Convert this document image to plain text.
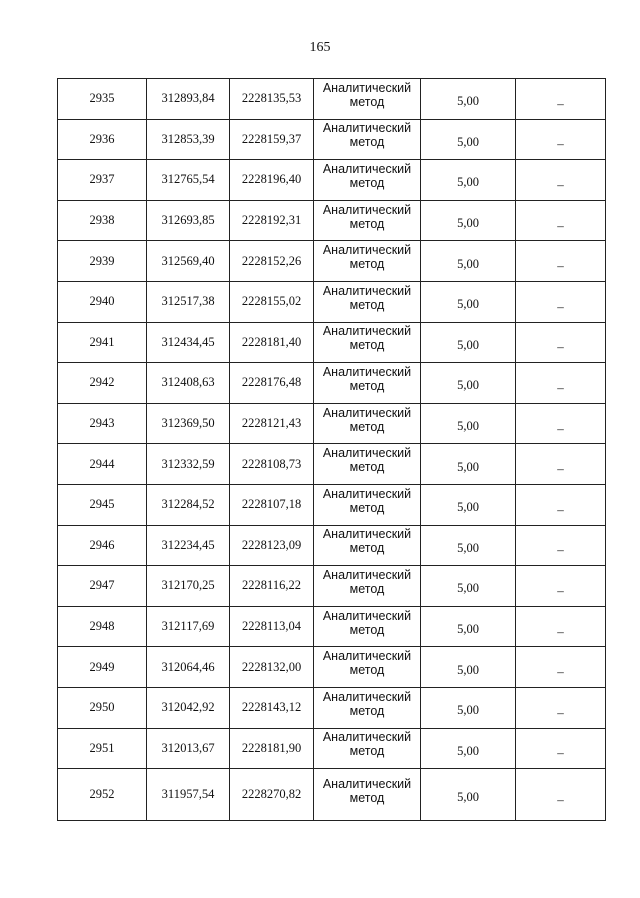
165
2935	312893,84	2228135,53	Аналитический метод	5,00	–
2936	312853,39	2228159,37	Аналитический метод	5,00	–
2937	312765,54	2228196,40	Аналитический метод	5,00	–
2938	312693,85	2228192,31	Аналитический метод	5,00	–
2939	312569,40	2228152,26	Аналитический метод	5,00	–
2940	312517,38	2228155,02	Аналитический метод	5,00	–
2941	312434,45	2228181,40	Аналитический метод	5,00	–
2942	312408,63	2228176,48	Аналитический метод	5,00	–
2943	312369,50	2228121,43	Аналитический метод	5,00	–
2944	312332,59	2228108,73	Аналитический метод	5,00	–
2945	312284,52	2228107,18	Аналитический метод	5,00	–
2946	312234,45	2228123,09	Аналитический метод	5,00	–
2947	312170,25	2228116,22	Аналитический метод	5,00	–
2948	312117,69	2228113,04	Аналитический метод	5,00	–
2949	312064,46	2228132,00	Аналитический метод	5,00	–
2950	312042,92	2228143,12	Аналитический метод	5,00	–
2951	312013,67	2228181,90	Аналитический метод	5,00	–
2952	311957,54	2228270,82	Аналитический метод	5,00	–
